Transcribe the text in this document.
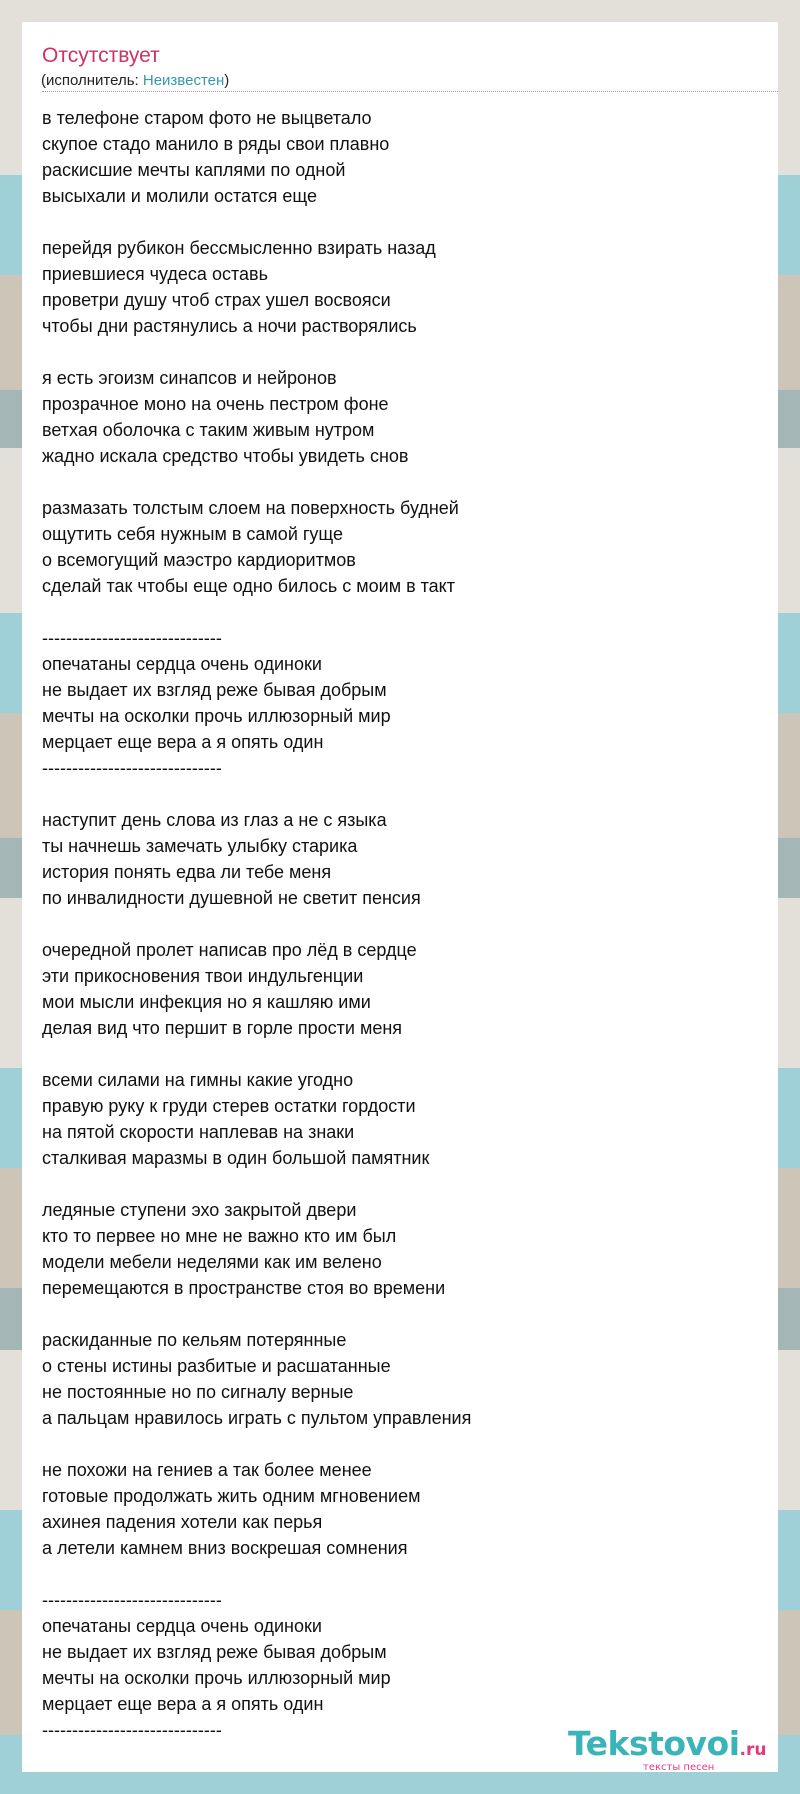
Отсутствует
(исполнитель: Неизвестен)
в телефоне старом фото не выцветало
скупое стадо манило в ряды свои плавно
раскисшие мечты каплями по одной
высыхали и молили остатся еще

перейдя рубикон бессмысленно взирать назад
приевшиеся чудеса оставь
проветри душу чтоб страх ушел восвояси
чтобы дни растянулись а ночи растворялись

я есть эгоизм синапсов и нейронов
прозрачное моно на очень пестром фоне
ветхая оболочка с таким живым нутром
жадно искала средство чтобы увидеть снов

размазать толстым слоем на поверхность будней
ощутить себя нужным в самой гуще
о всемогущий маэстро кардиоритмов
сделай так чтобы еще одно билось с моим в такт

------------------------------
опечатаны сердца очень одиноки
не выдает их взгляд реже бывая добрым
мечты на осколки прочь иллюзорный мир
мерцает еще вера а я опять один
------------------------------

наступит день слова из глаз а не с языка
ты начнешь замечать улыбку старика
история понять едва ли тебе меня
по инвалидности душевной не светит пенсия

очередной пролет написав про лёд в сердце
эти прикосновения твои индульгенции
мои мысли инфекция но я кашляю ими
делая вид что першит в горле прости меня

всеми силами на гимны какие угодно
правую руку к груди стерев остатки гордости
на пятой скорости наплевав на знаки
сталкивая маразмы в один большой памятник

ледяные ступени эхо закрытой двери
кто то первее но мне не важно кто им был
модели мебели неделями как им велено
перемещаются в пространстве стоя во времени

раскиданные по кельям потерянные
о стены истины разбитые и расшатанные
не постоянные но по сигналу верные
а пальцам нравилось играть с пультом управления

не похожи на гениев а так более менее
готовые продолжать жить одним мгновением
ахинея падения хотели как перья
а летели камнем вниз воскрешая сомнения

------------------------------
опечатаны сердца очень одиноки
не выдает их взгляд реже бывая добрым
мечты на осколки прочь иллюзорный мир
мерцает еще вера а я опять один
------------------------------	Tekstovoi.ru
тексты песен
